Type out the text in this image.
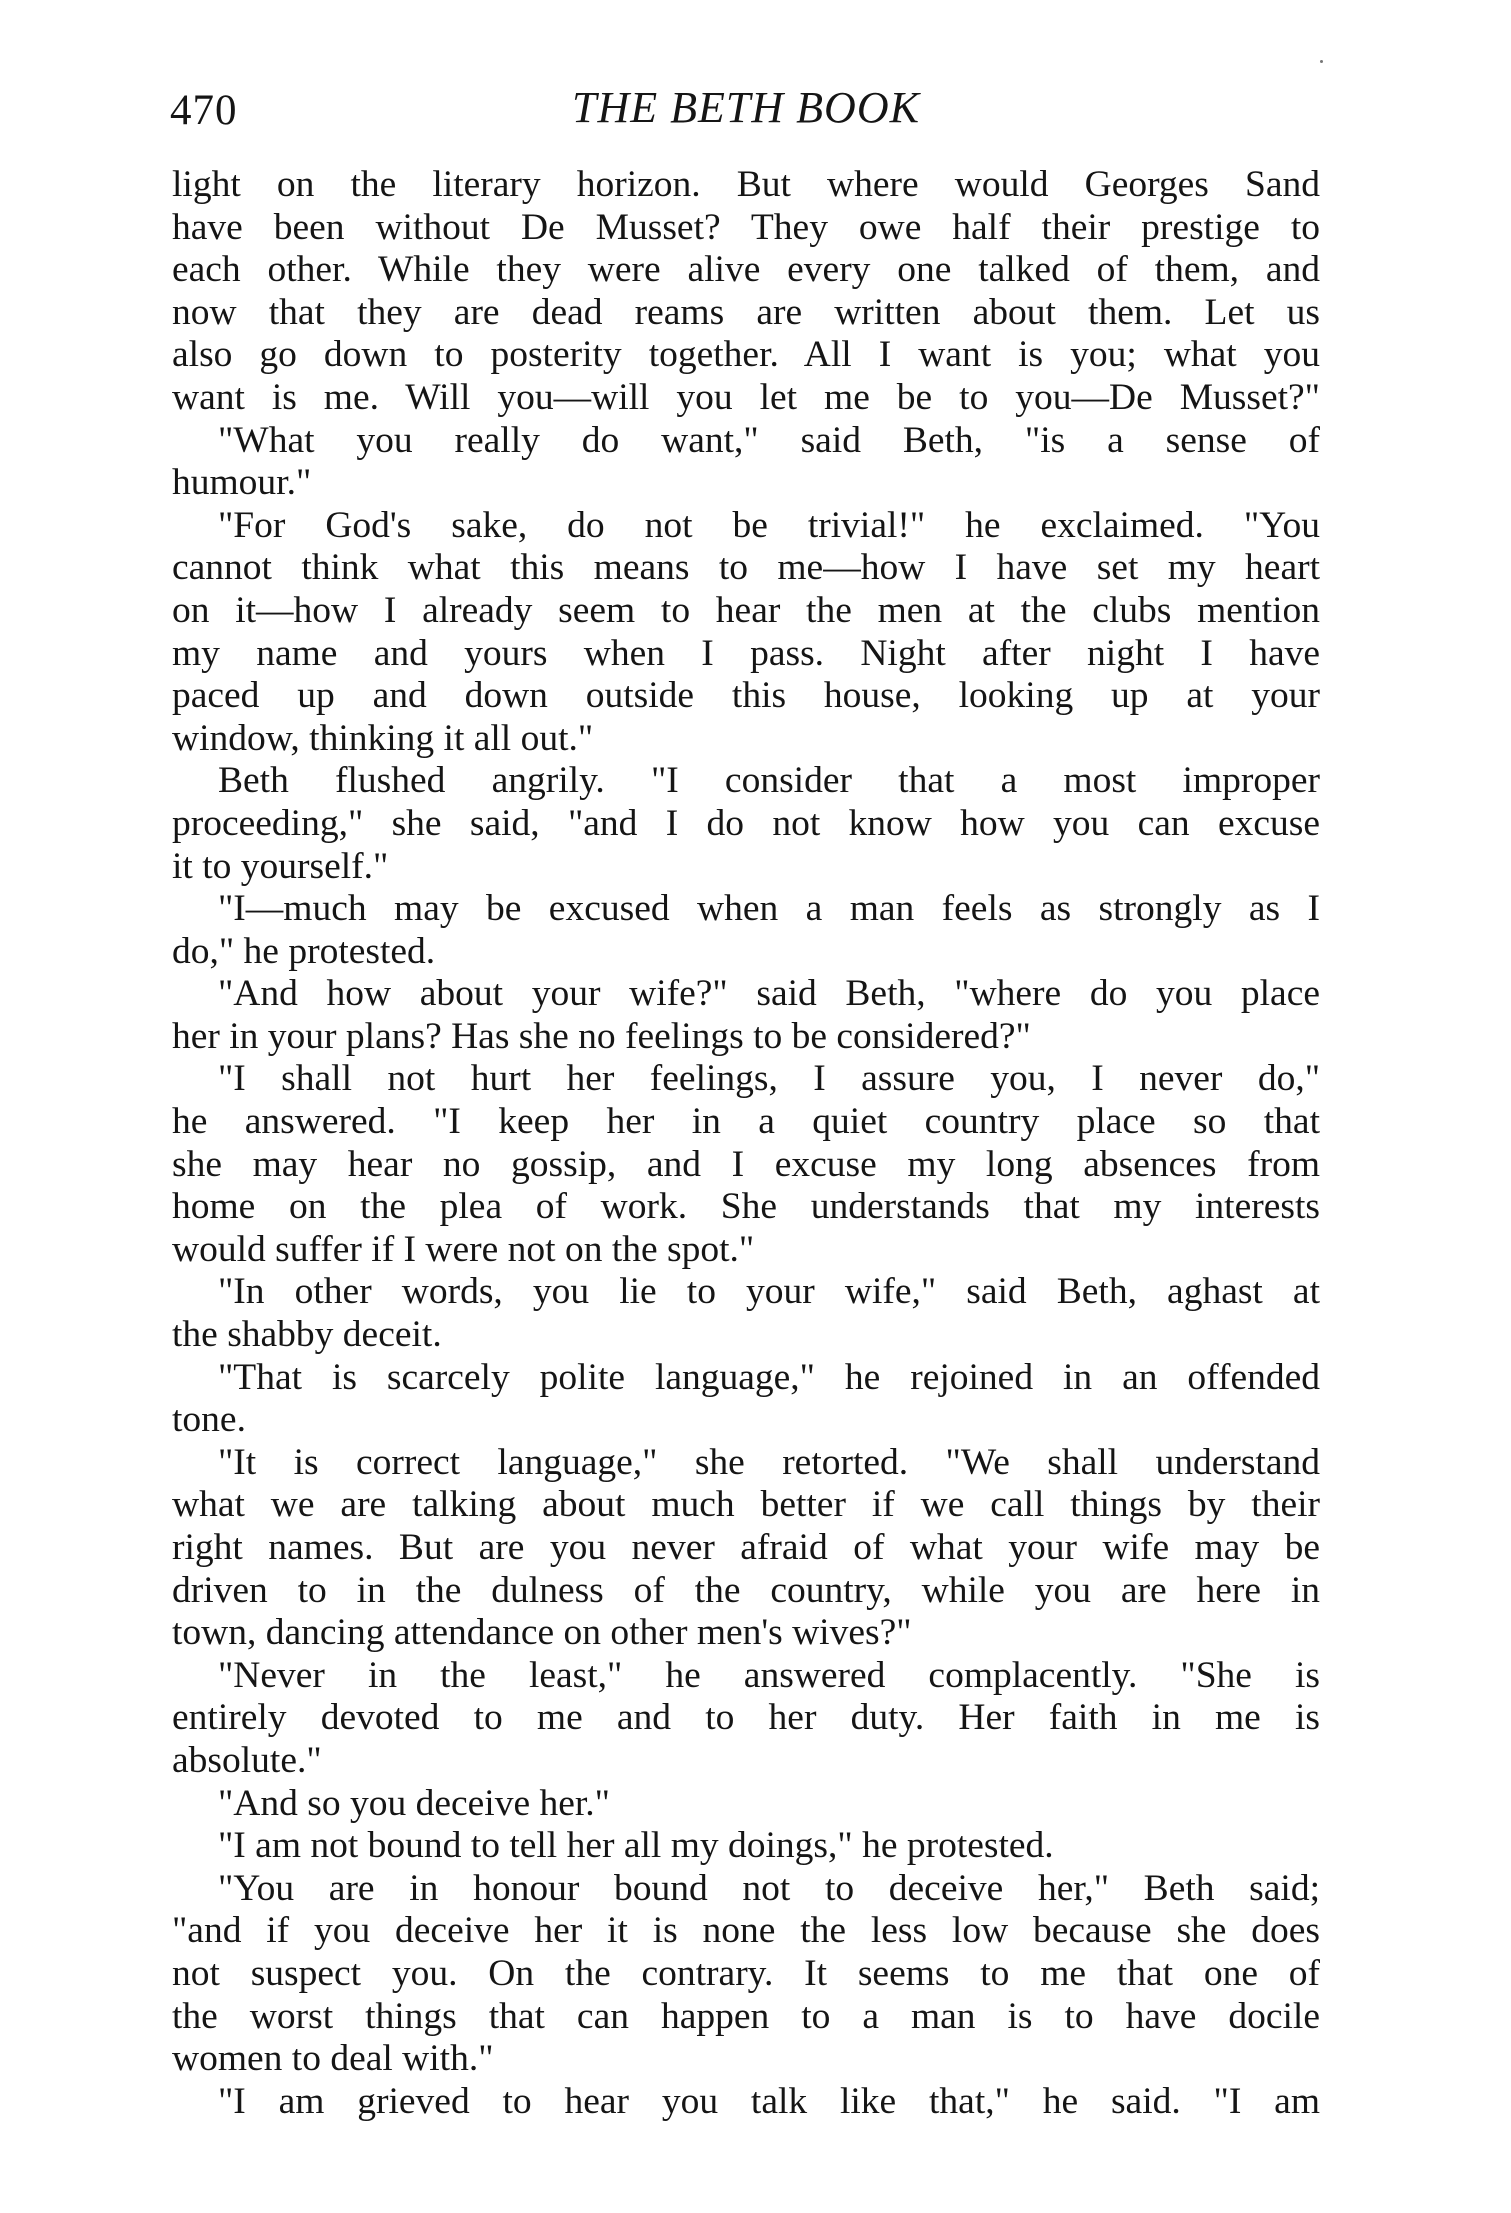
470	THE BETH BOOK
light on the literary horizon. But where would Georges Sand
have been without De Musset? They owe half their prestige to
each other. While they were alive every one talked of them, and
now that they are dead reams are written about them. Let us
also go down to posterity together. All I want is you; what you
want is me. Will you—will you let me be to you—De Musset?"
"What you really do want," said Beth, "is a sense of
humour."
"For God's sake, do not be trivial!" he exclaimed. "You
cannot think what this means to me—how I have set my heart
on it—how I already seem to hear the men at the clubs mention
my name and yours when I pass. Night after night I have
paced up and down outside this house, looking up at your
window, thinking it all out."
Beth flushed angrily. "I consider that a most improper
proceeding," she said, "and I do not know how you can excuse
it to yourself."
"I—much may be excused when a man feels as strongly as I
do," he protested.
"And how about your wife?" said Beth, "where do you place
her in your plans? Has she no feelings to be considered?"
"I shall not hurt her feelings, I assure you, I never do,"
he answered. "I keep her in a quiet country place so that
she may hear no gossip, and I excuse my long absences from
home on the plea of work. She understands that my interests
would suffer if I were not on the spot."
"In other words, you lie to your wife," said Beth, aghast at
the shabby deceit.
"That is scarcely polite language," he rejoined in an offended
tone.
"It is correct language," she retorted. "We shall understand
what we are talking about much better if we call things by their
right names. But are you never afraid of what your wife may be
driven to in the dulness of the country, while you are here in
town, dancing attendance on other men's wives?"
"Never in the least," he answered complacently. "She is
entirely devoted to me and to her duty. Her faith in me is
absolute."
"And so you deceive her."
"I am not bound to tell her all my doings," he protested.
"You are in honour bound not to deceive her," Beth said;
"and if you deceive her it is none the less low because she does
not suspect you. On the contrary. It seems to me that one of
the worst things that can happen to a man is to have docile
women to deal with."
"I am grieved to hear you talk like that," he said. "I am
